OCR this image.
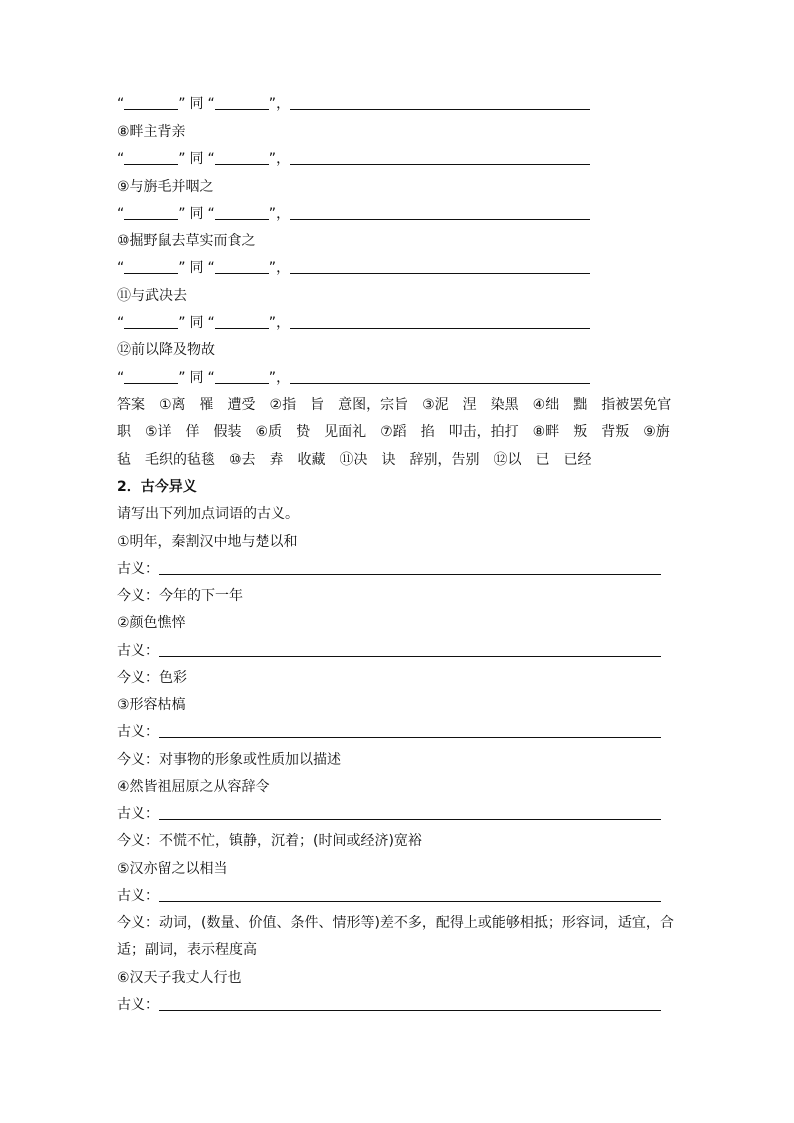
“	” 同 “	”，
⑧畔主背亲
“	” 同 “	”，
⑨与旃毛并咽之
“	” 同 “	”，
⑩掘野鼠去草实而食之
“	” 同 “	”，
⑪与武决去
“	” 同 “	”，
⑫前以降及物故
“	” 同 “	”，
答案　①离　罹　遭受　②指　旨　意图，宗旨　③泥　涅　染黑　④绌　黜　指被罢免官
职　⑤详　佯　假装　⑥质　贽　见面礼　⑦蹈　掐　叩击，拍打　⑧畔　叛　背叛　⑨旃
毡　毛织的毡毯　⑩去　弆　收藏　⑪决　诀　辞别，告别　⑫以　已　已经
2．古今异义
请写出下列加点词语的古义。
①明年，秦割汉中地与楚以和
古义：
今义：今年的下一年
②颜色憔悴
古义：
今义：色彩
③形容枯槁
古义：
今义：对事物的形象或性质加以描述
④然皆祖屈原之从容辞令
古义：
今义：不慌不忙，镇静，沉着；(时间或经济)宽裕
⑤汉亦留之以相当
古义：
今义：动词，(数量、价值、条件、情形等)差不多，配得上或能够相抵；形容词，适宜，合
适；副词，表示程度高
⑥汉天子我丈人行也
古义：
